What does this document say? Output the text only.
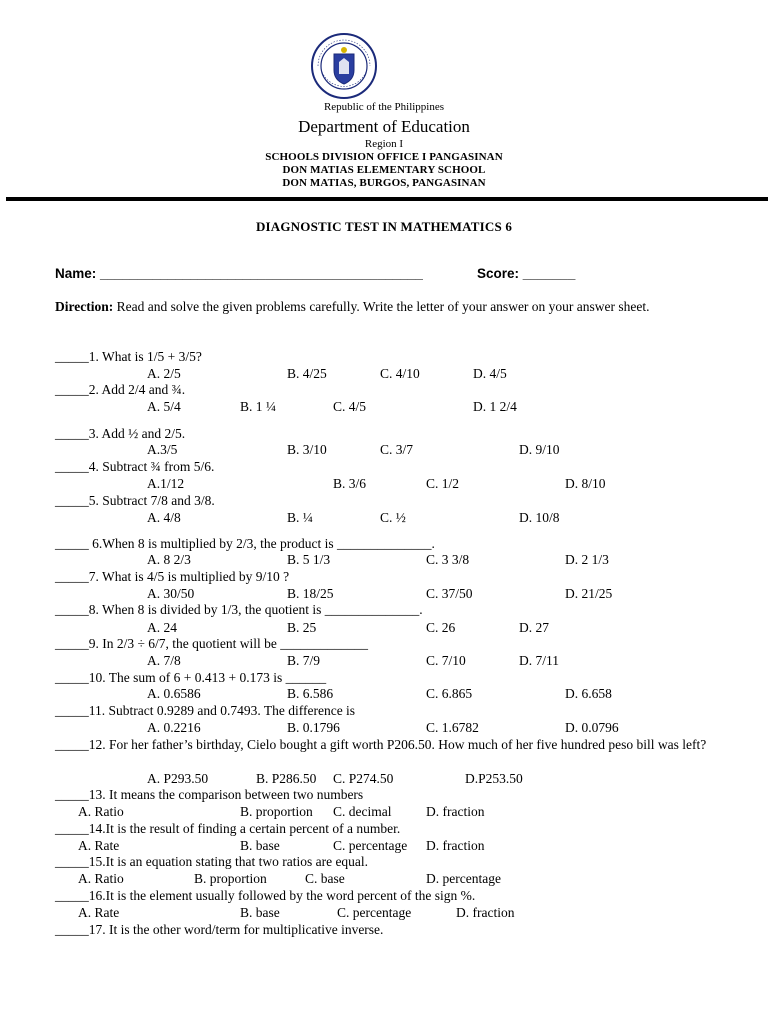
Republic of the Philippines
Department of Education
Region I
SCHOOLS DIVISION OFFICE I PANGASINAN
DON MATIAS ELEMENTARY SCHOOL
DON MATIAS, BURGOS, PANGASINAN
DIAGNOSTIC TEST IN MATHEMATICS 6
Name: ___________________________________________	Score: _______
Direction: Read and solve the given problems carefully. Write the letter of your answer on your answer sheet.
_____1. What is 1/5 + 3/5?
A. 2/5	B. 4/25	C. 4/10	D. 4/5
_____2. Add 2/4 and ¾.
A. 5/4	B. 1 ¼	C. 4/5	D. 1 2/4
_____3. Add ½ and 2/5.
A.3/5	B. 3/10	C. 3/7	D. 9/10
_____4. Subtract ¾ from 5/6.
A.1/12	B. 3/6	C. 1/2	D. 8/10
_____5. Subtract 7/8 and 3/8.
A. 4/8	B. ¼	C. ½	D. 10/8
_____ 6.When 8 is multiplied by 2/3, the product is ______________.
A. 8 2/3	B. 5 1/3	C. 3 3/8	D. 2 1/3
_____7. What is 4/5 is multiplied by 9/10 ?
A. 30/50	B. 18/25	C. 37/50	D. 21/25
_____8. When 8 is divided by 1/3, the quotient is ______________.
A. 24	B. 25	C. 26	D. 27
_____9. In 2/3 ÷ 6/7, the quotient will be _____________
A. 7/8	B. 7/9	C. 7/10	D. 7/11
_____10. The sum of 6 + 0.413 + 0.173 is ______
A. 0.6586	B. 6.586	C. 6.865	D. 6.658
_____11. Subtract 0.9289 and 0.7493. The difference is
A. 0.2216	B. 0.1796	C. 1.6782	D. 0.0796
_____12. For her father’s birthday, Cielo bought a gift worth P206.50. How much of her five hundred peso bill was left?
A. P293.50	B. P286.50 C. P274.50	D.P253.50
_____13. It means the comparison between two numbers
A. Ratio	B. proportion C. decimal	D. fraction
_____14.It is the result of finding a certain percent of a number.
A. Rate	B. base	C. percentage D. fraction
_____15.It is an equation stating that two ratios are equal.
A. Ratio	B. proportion	C. base	D. percentage
_____16.It is the element usually followed by the word percent of the sign %.
A. Rate	B. base	C. percentage	D. fraction
_____17. It is the other word/term for multiplicative inverse.
